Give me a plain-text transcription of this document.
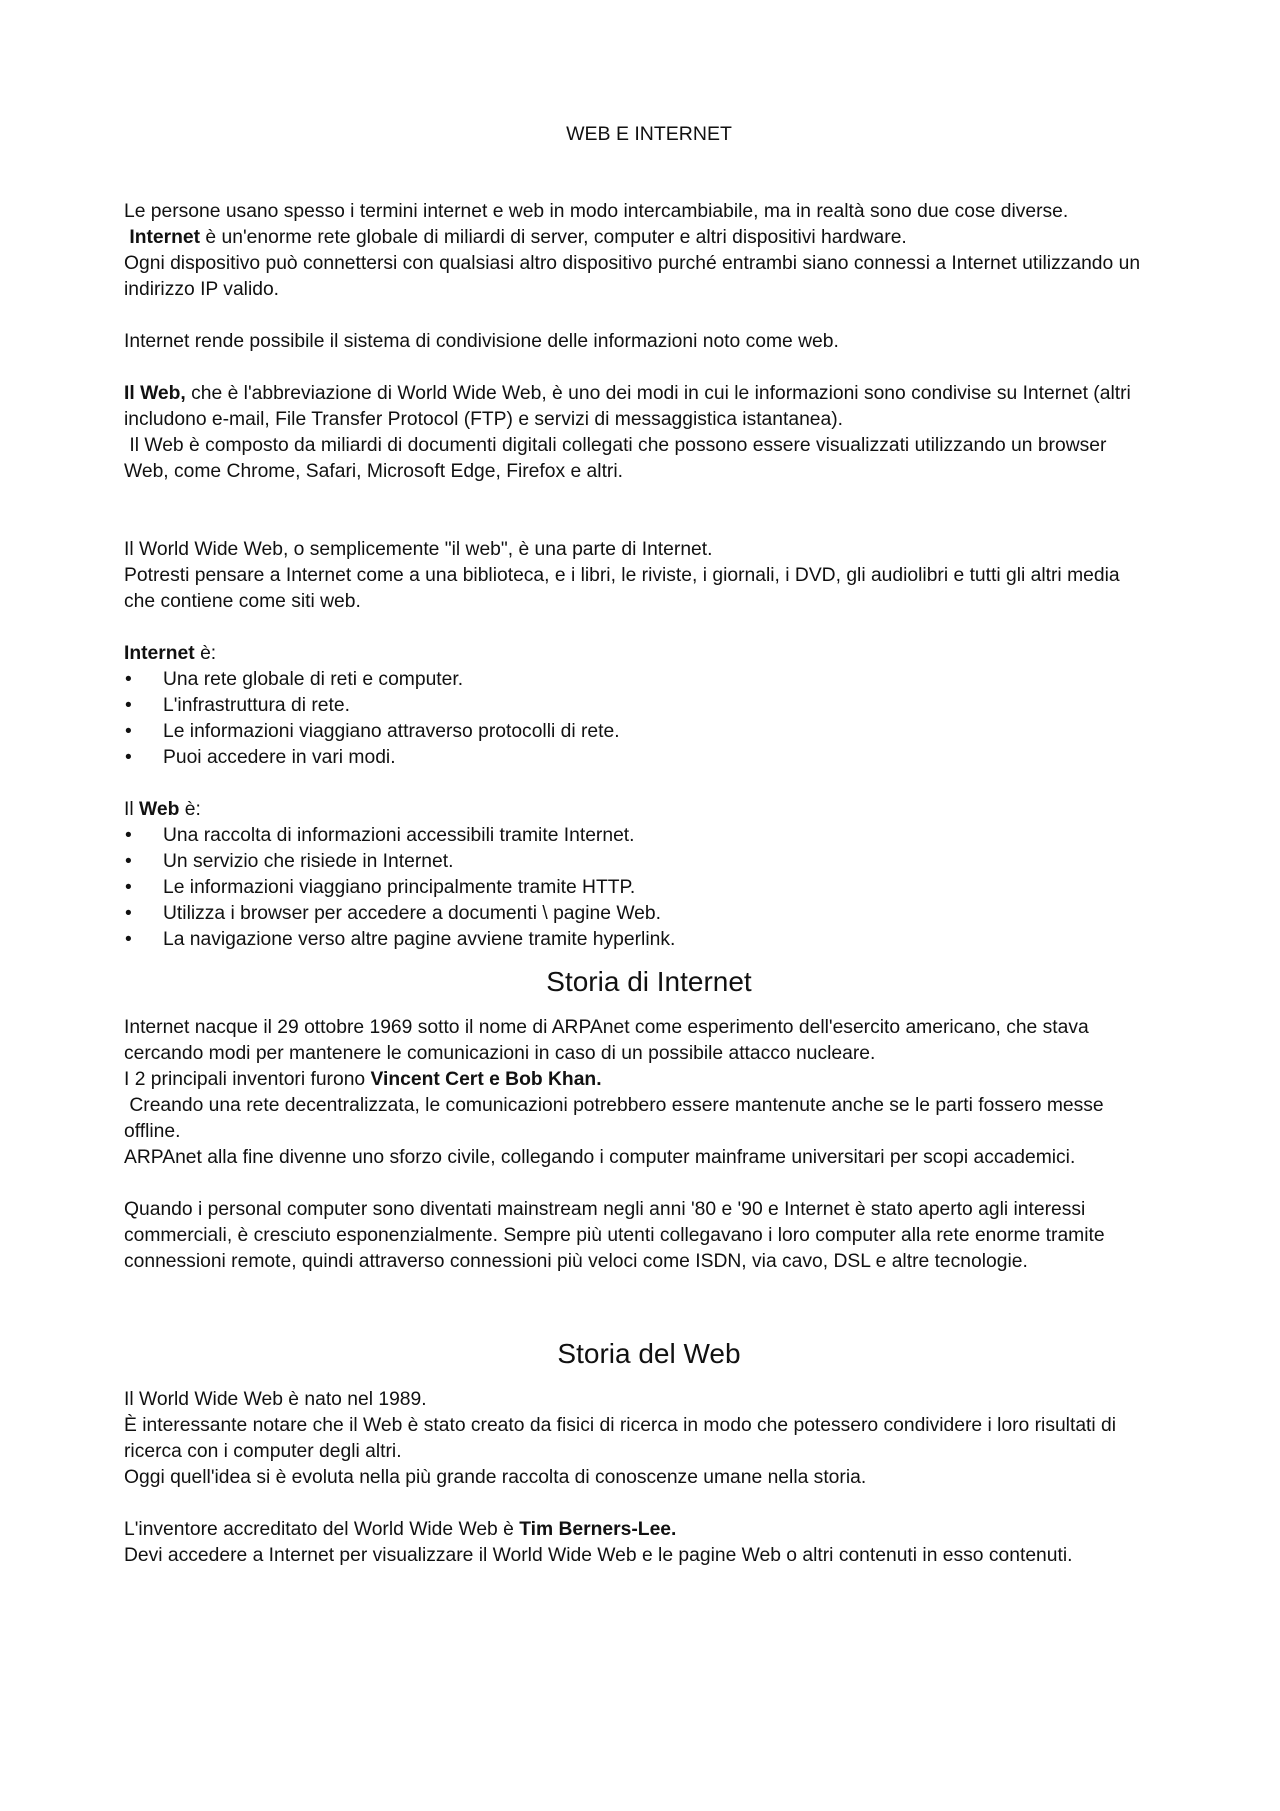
WEB E INTERNET

Le persone usano spesso i termini internet e web in modo intercambiabile, ma in realtà sono due cose diverse.

Internet è un'enorme rete globale di miliardi di server, computer e altri dispositivi hardware.

Ogni dispositivo può connettersi con qualsiasi altro dispositivo purché entrambi siano connessi a Internet utilizzando un indirizzo IP valido.

Internet rende possibile il sistema di condivisione delle informazioni noto come web.

Il Web, che è l'abbreviazione di World Wide Web, è uno dei modi in cui le informazioni sono condivise su Internet (altri includono e-mail, File Transfer Protocol (FTP) e servizi di messaggistica istantanea).

Il Web è composto da miliardi di documenti digitali collegati che possono essere visualizzati utilizzando un browser Web, come Chrome, Safari, Microsoft Edge, Firefox e altri.

Il World Wide Web, o semplicemente "il web", è una parte di Internet.

Potresti pensare a Internet come a una biblioteca, e i libri, le riviste, i giornali, i DVD, gli audiolibri e tutti gli altri media che contiene come siti web.

Internet è:

• Una rete globale di reti e computer.
• L'infrastruttura di rete.
• Le informazioni viaggiano attraverso protocolli di rete.
• Puoi accedere in vari modi.

Il Web è:

• Una raccolta di informazioni accessibili tramite Internet.
• Un servizio che risiede in Internet.
• Le informazioni viaggiano principalmente tramite HTTP.
• Utilizza i browser per accedere a documenti \ pagine Web.
• La navigazione verso altre pagine avviene tramite hyperlink.
Storia di Internet

Internet nacque il 29 ottobre 1969 sotto il nome di ARPAnet come esperimento dell'esercito americano, che stava cercando modi per mantenere le comunicazioni in caso di un possibile attacco nucleare.

I 2 principali inventori furono Vincent Cert e Bob Khan.

Creando una rete decentralizzata, le comunicazioni potrebbero essere mantenute anche se le parti fossero messe offline.

ARPAnet alla fine divenne uno sforzo civile, collegando i computer mainframe universitari per scopi accademici.

Quando i personal computer sono diventati mainstream negli anni '80 e '90 e Internet è stato aperto agli interessi commerciali, è cresciuto esponenzialmente. Sempre più utenti collegavano i loro computer alla rete enorme tramite connessioni remote, quindi attraverso connessioni più veloci come ISDN, via cavo, DSL e altre tecnologie.

Storia del Web

Il World Wide Web è nato nel 1989.

È interessante notare che il Web è stato creato da fisici di ricerca in modo che potessero condividere i loro risultati di ricerca con i computer degli altri.

Oggi quell'idea si è evoluta nella più grande raccolta di conoscenze umane nella storia.

L'inventore accreditato del World Wide Web è Tim Berners-Lee.

Devi accedere a Internet per visualizzare il World Wide Web e le pagine Web o altri contenuti in esso contenuti.
